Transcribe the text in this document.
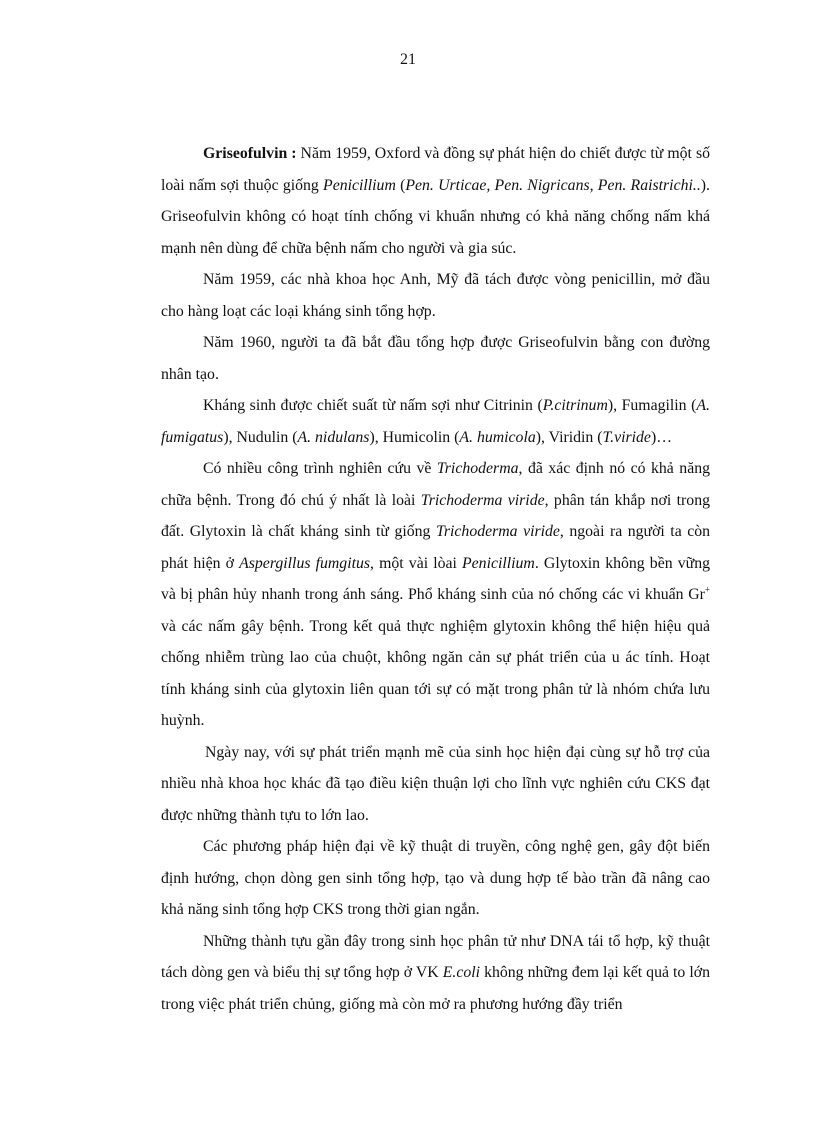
21

Griseofulvin : Năm 1959, Oxford và đồng sự phát hiện do chiết được từ một số loài nấm sợi thuộc giống Penicillium (Pen. Urticae, Pen. Nigricans, Pen. Raistrichi..). Griseofulvin không có hoạt tính chống vi khuẩn nhưng có khả năng chống nấm khá mạnh nên dùng để chữa bệnh nấm cho người và gia súc.

Năm 1959, các nhà khoa học Anh, Mỹ đã tách được vòng penicillin, mở đầu cho hàng loạt các loại kháng sinh tổng hợp.

Năm 1960, người ta đã bắt đầu tổng hợp được Griseofulvin bằng con đường nhân tạo.

Kháng sinh được chiết suất từ nấm sợi như Citrinin (P.citrinum), Fumagilin (A. fumigatus), Nudulin (A. nidulans), Humicolin (A. humicola), Viridin (T.viride)…

Có nhiều công trình nghiên cứu về Trichoderma, đã xác định nó có khả năng chữa bệnh. Trong đó chú ý nhất là loài Trichoderma viride, phân tán khắp nơi trong đất. Glytoxin là chất kháng sinh từ giống Trichoderma viride, ngoài ra người ta còn phát hiện ở Aspergillus fumgitus, một vài lòai Penicillium. Glytoxin không bền vững và bị phân hủy nhanh trong ánh sáng. Phổ kháng sinh của nó chống các vi khuẩn Gr+ và các nấm gây bệnh. Trong kết quả thực nghiệm glytoxin không thể hiện hiệu quả chống nhiễm trùng lao của chuột, không ngăn cản sự phát triển của u ác tính. Hoạt tính kháng sinh của glytoxin liên quan tới sự có mặt trong phân tử là nhóm chứa lưu huỳnh.

Ngày nay, với sự phát triển mạnh mẽ của sinh học hiện đại cùng sự hỗ trợ của nhiều nhà khoa học khác đã tạo điều kiện thuận lợi cho lĩnh vực nghiên cứu CKS đạt được những thành tựu to lớn lao.

Các phương pháp hiện đại về kỹ thuật di truyền, công nghệ gen, gây đột biến định hướng, chọn dòng gen sinh tổng hợp, tạo và dung hợp tế bào trần đã nâng cao khả năng sinh tổng hợp CKS trong thời gian ngắn.

Những thành tựu gần đây trong sinh học phân tử như DNA tái tổ hợp, kỹ thuật tách dòng gen và biểu thị sự tổng hợp ở VK E.coli không những đem lại kết quả to lớn trong việc phát triển chủng, giống mà còn mở ra phương hướng đầy triển
